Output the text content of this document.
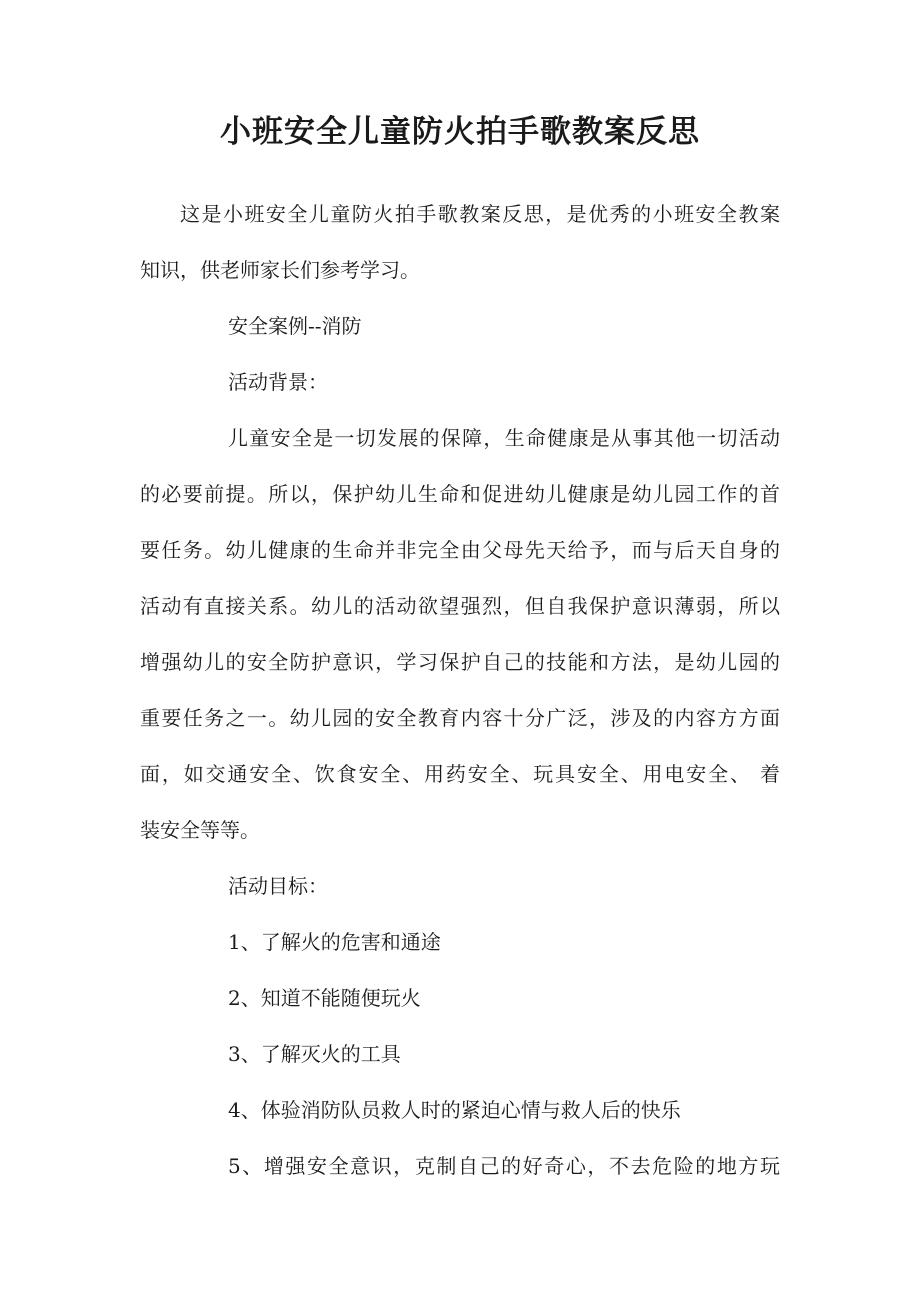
小班安全儿童防火拍手歌教案反思
这是小班安全儿童防火拍手歌教案反思，是优秀的小班安全教案
知识，供老师家长们参考学习。
安全案例--消防
活动背景：
儿童安全是一切发展的保障，生命健康是从事其他一切活动
的必要前提。所以，保护幼儿生命和促进幼儿健康是幼儿园工作的首
要任务。幼儿健康的生命并非完全由父母先天给予，而与后天自身的
活动有直接关系。幼儿的活动欲望强烈，但自我保护意识薄弱，所以
增强幼儿的安全防护意识，学习保护自己的技能和方法，是幼儿园的
重要任务之一。幼儿园的安全教育内容十分广泛，涉及的内容方方面
面，如交通安全、饮食安全、用药安全、玩具安全、用电安全、 着
装安全等等。
活动目标：
1、了解火的危害和通途
2、知道不能随便玩火
3、了解灭火的工具
4、体验消防队员救人时的紧迫心情与救人后的快乐
5、增强安全意识，克制自己的好奇心，不去危险的地方玩
